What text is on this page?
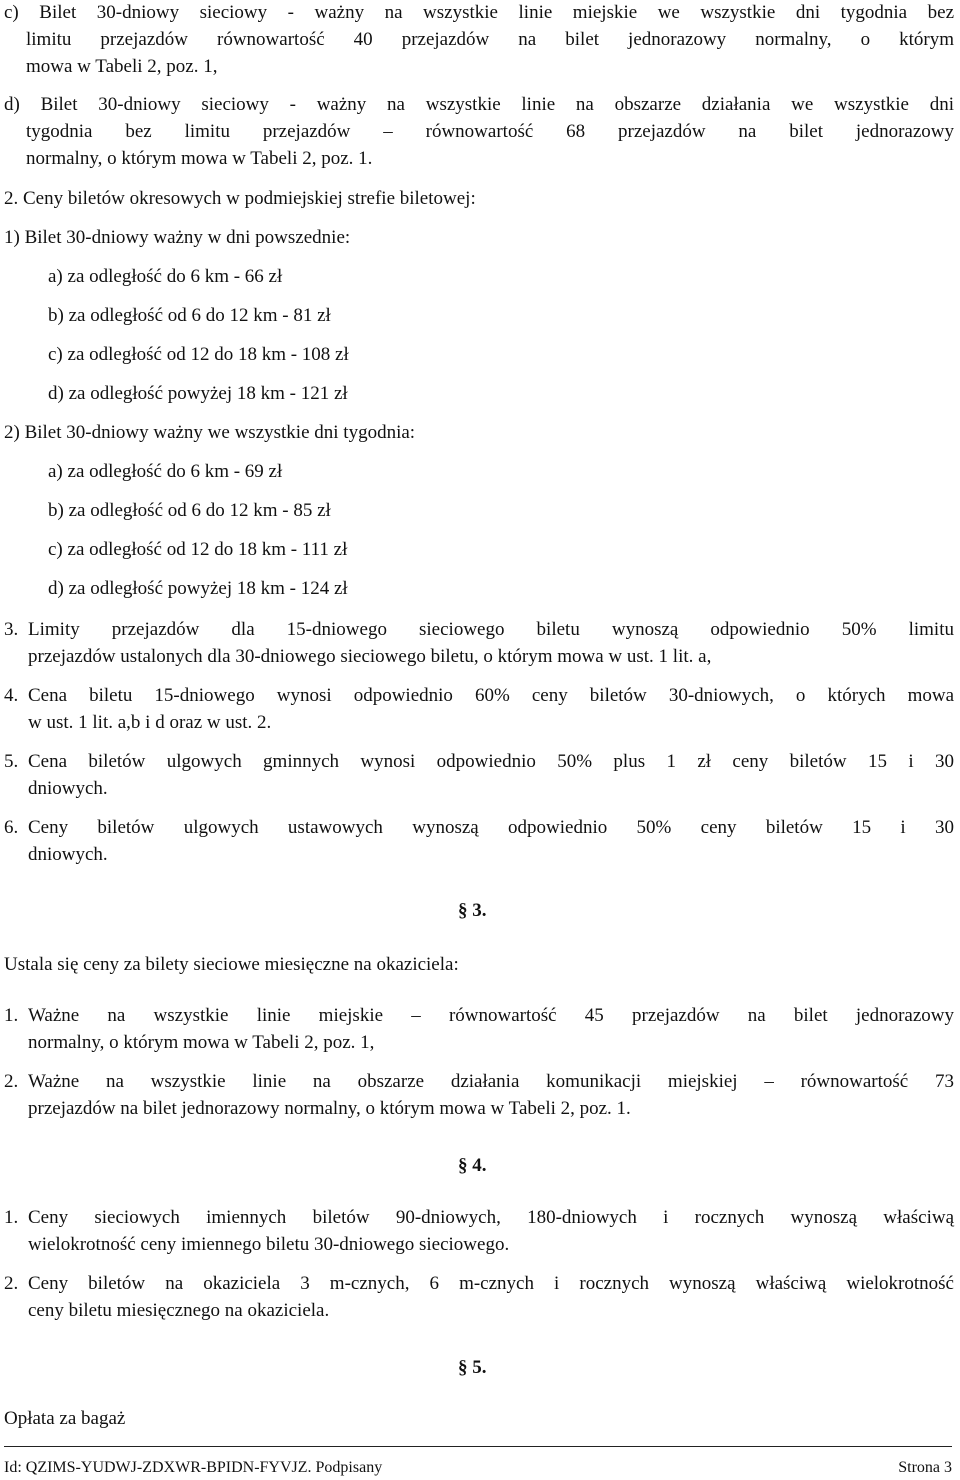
c) Bilet 30-dniowy sieciowy - ważny na wszystkie linie miejskie we wszystkie dni tygodnia bez
limitu przejazdów równowartość 40 przejazdów na bilet jednorazowy normalny, o którym
mowa w Tabeli 2, poz. 1,
d) Bilet 30-dniowy sieciowy - ważny na wszystkie linie na obszarze działania we wszystkie dni
tygodnia bez limitu przejazdów – równowartość 68 przejazdów na bilet jednorazowy
normalny, o którym mowa w Tabeli 2, poz. 1.
2. Ceny biletów okresowych w podmiejskiej strefie biletowej:
1) Bilet 30-dniowy ważny w dni powszednie:
a) za odległość do 6 km - 66 zł
b) za odległość od 6 do 12 km - 81 zł
c) za odległość od 12 do 18 km - 108 zł
d) za odległość powyżej 18 km - 121 zł
2) Bilet 30-dniowy ważny we wszystkie dni tygodnia:
a) za odległość do 6 km - 69 zł
b) za odległość od 6 do 12 km - 85 zł
c) za odległość od 12 do 18 km - 111 zł
d) za odległość powyżej 18 km - 124 zł
3. Limity przejazdów dla 15-dniowego sieciowego biletu wynoszą odpowiednio 50% limitu
przejazdów ustalonych dla 30-dniowego sieciowego biletu, o którym mowa w ust. 1 lit. a,
4. Cena biletu 15-dniowego wynosi odpowiednio 60% ceny biletów 30-dniowych, o których mowa
w ust. 1 lit. a,b i d oraz w ust. 2.
5. Cena biletów ulgowych gminnych wynosi odpowiednio 50% plus 1 zł ceny biletów 15 i 30
dniowych.
6. Ceny biletów ulgowych ustawowych wynoszą odpowiednio 50% ceny biletów 15 i 30
dniowych.
§ 3.
Ustala się ceny za bilety sieciowe miesięczne na okaziciela:
1. Ważne na wszystkie linie miejskie – równowartość 45 przejazdów na bilet jednorazowy
normalny, o którym mowa w Tabeli 2, poz. 1,
2. Ważne na wszystkie linie na obszarze działania komunikacji miejskiej – równowartość 73
przejazdów na bilet jednorazowy normalny, o którym mowa w Tabeli 2, poz. 1.
§ 4.
1. Ceny sieciowych imiennych biletów 90-dniowych, 180-dniowych i rocznych wynoszą właściwą
wielokrotność ceny imiennego biletu 30-dniowego sieciowego.
2. Ceny biletów na okaziciela 3 m-cznych, 6 m-cznych i rocznych wynoszą właściwą wielokrotność
ceny biletu miesięcznego na okaziciela.
§ 5.
Opłata za bagaż
Id: QZIMS-YUDWJ-ZDXWR-BPIDN-FYVJZ. Podpisany	Strona 3
